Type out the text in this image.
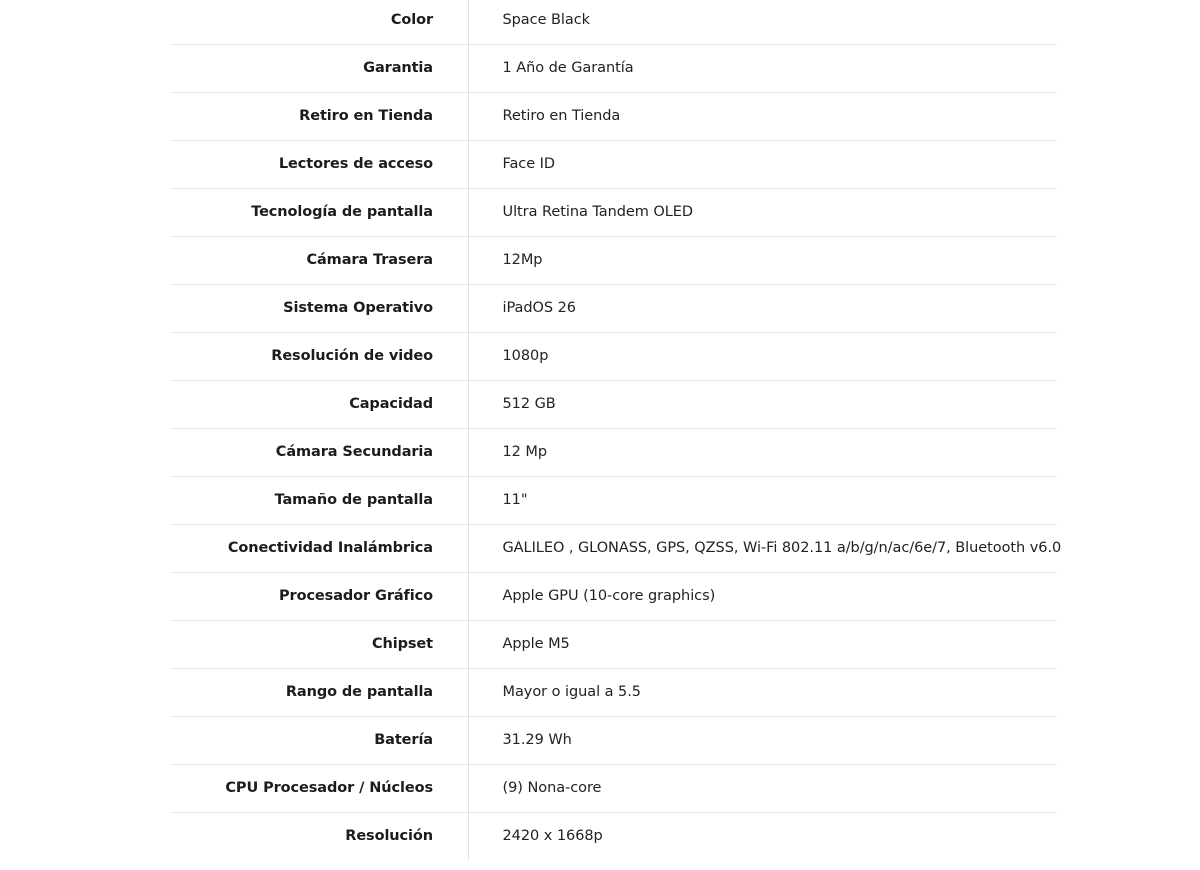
Color		Space Black
Garantia		1 Año de Garantía
Retiro en Tienda		Retiro en Tienda
Lectores de acceso		Face ID
Tecnología de pantalla		Ultra Retina Tandem OLED
Cámara Trasera		12Mp
Sistema Operativo		iPadOS 26
Resolución de video		1080p
Capacidad		512 GB
Cámara Secundaria		12 Mp
Tamaño de pantalla		11"
Conectividad Inalámbrica		GALILEO , GLONASS, GPS, QZSS, Wi-Fi 802.11 a/b/g/n/ac/6e/7, Bluetooth v6.0
Procesador Gráfico		Apple GPU (10-core graphics)
Chipset		Apple M5
Rango de pantalla		Mayor o igual a 5.5
Batería		31.29 Wh
CPU Procesador / Núcleos		(9) Nona-core
Resolución		2420 x 1668p
